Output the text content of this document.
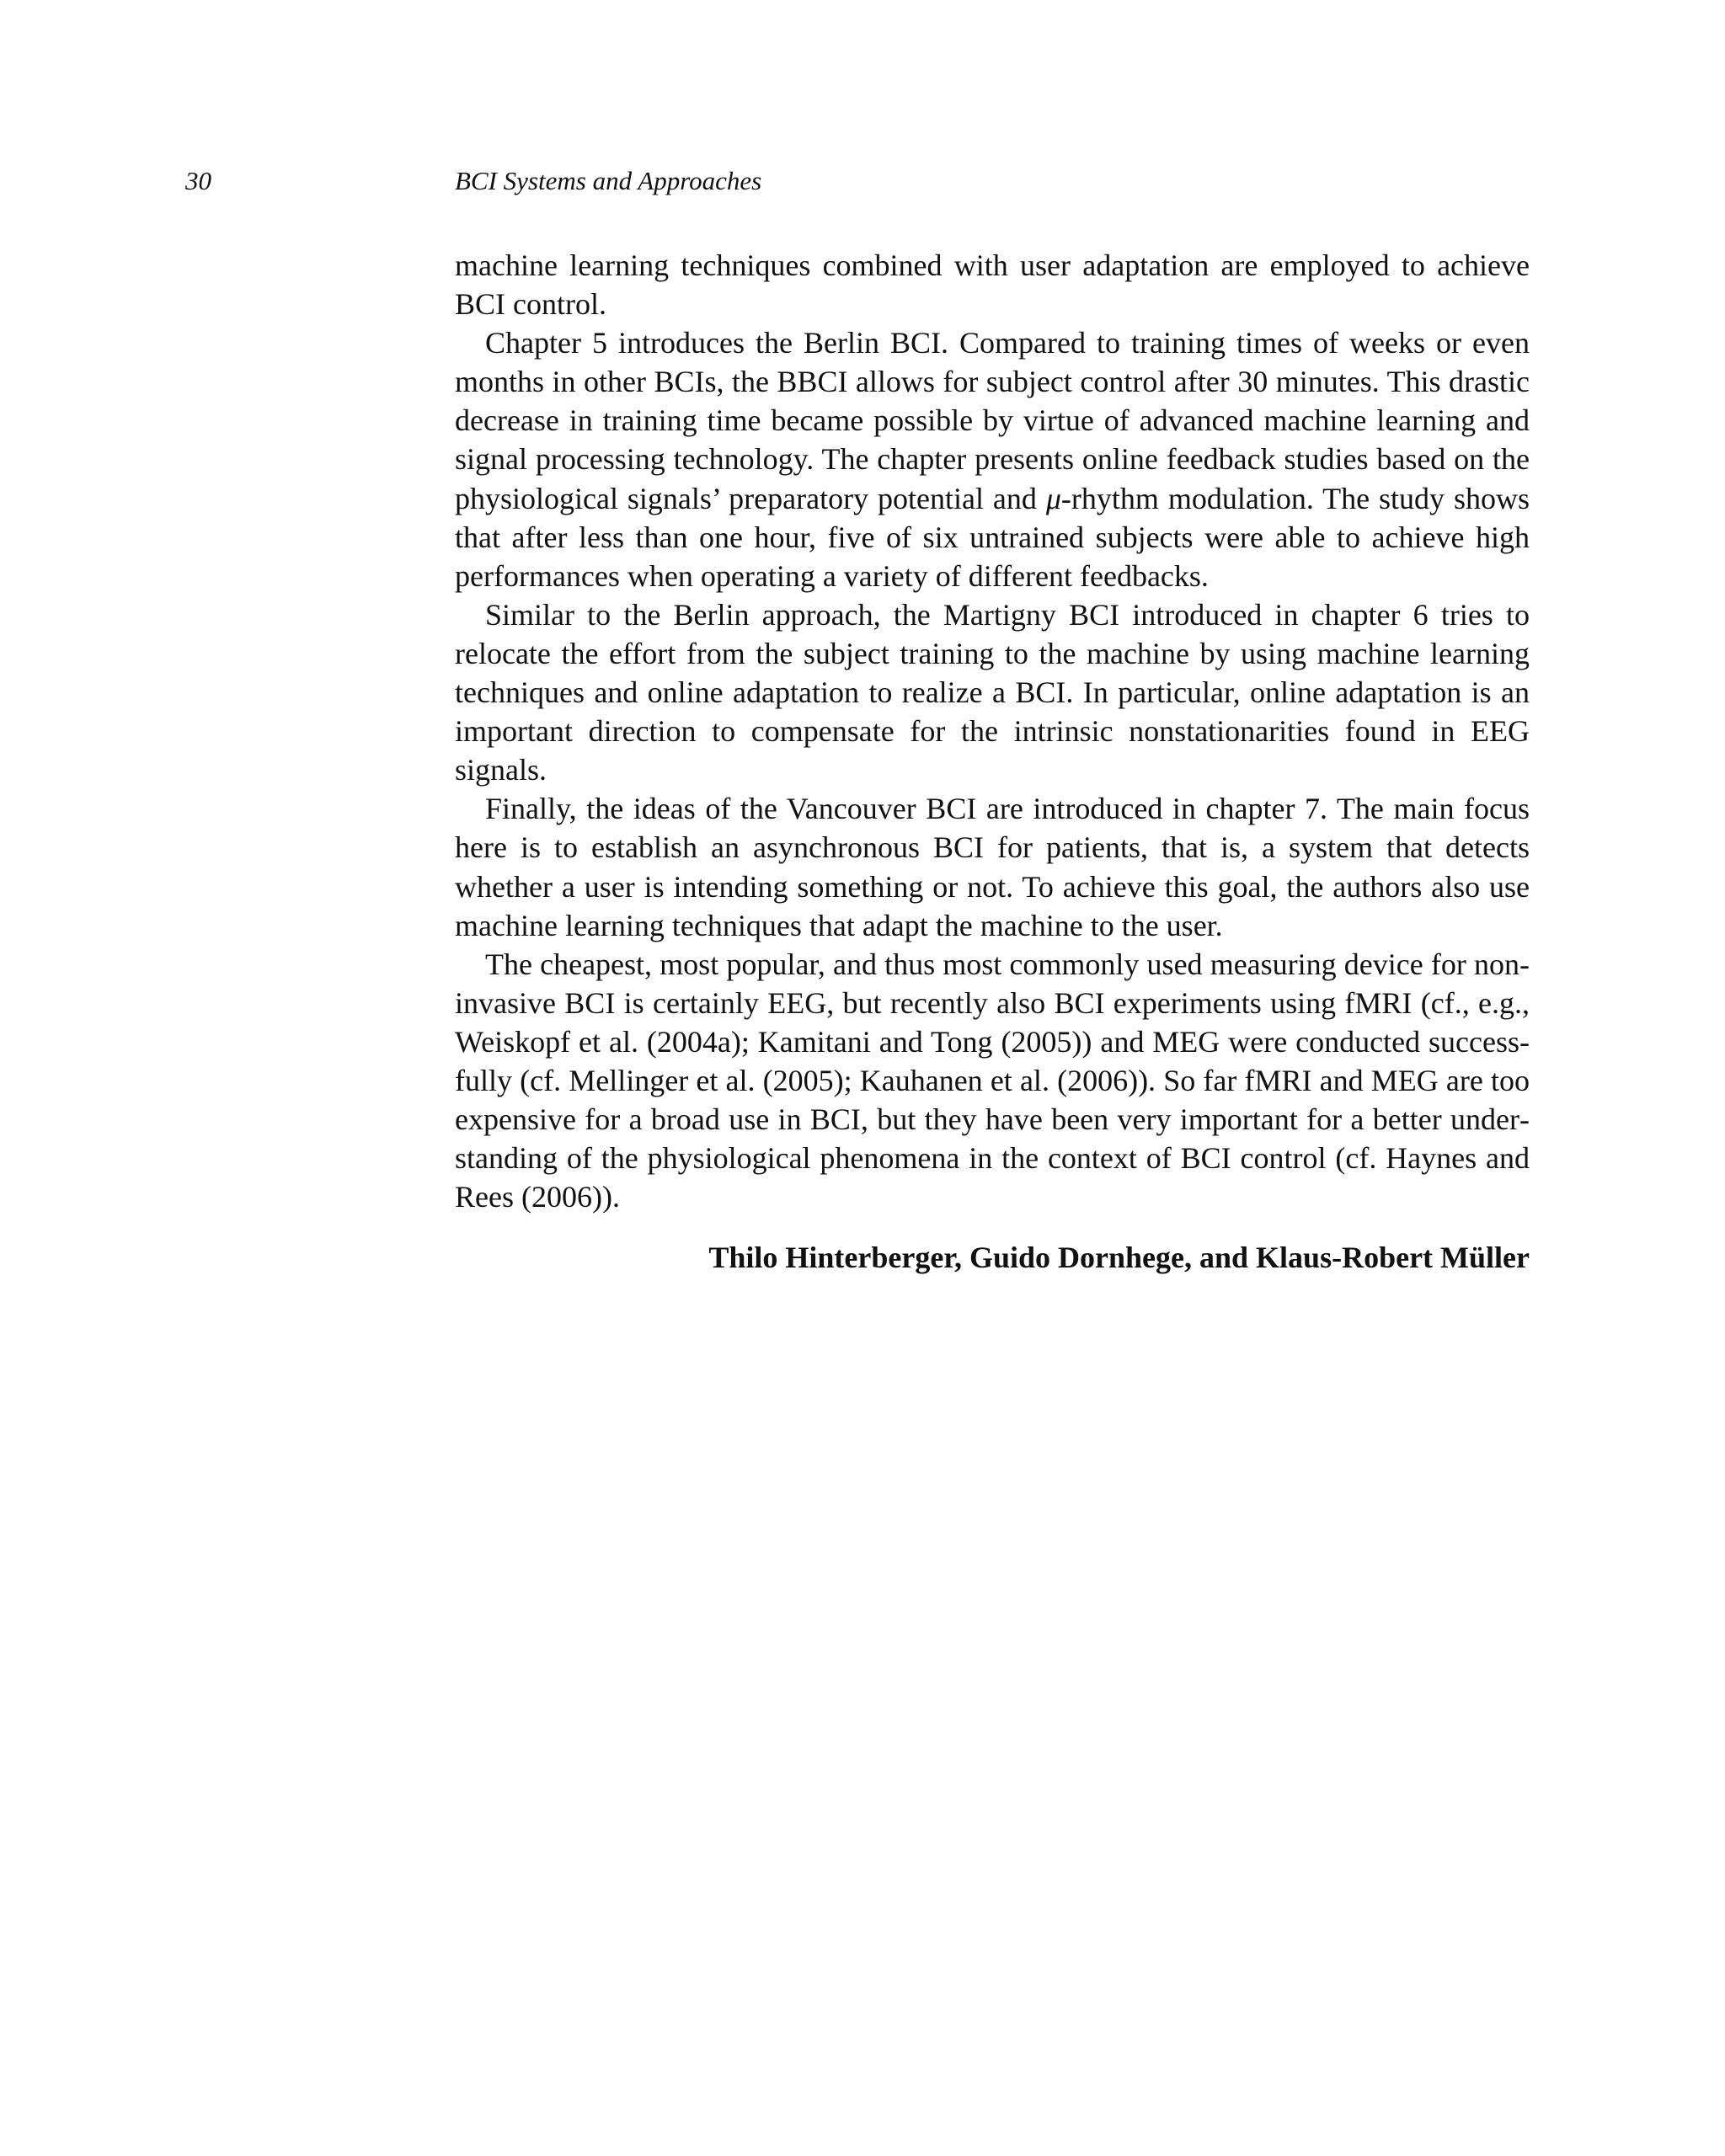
30	BCI Systems and Approaches

machine learning techniques combined with user adaptation are employed to achieve BCI control.

Chapter 5 introduces the Berlin BCI. Compared to training times of weeks or even months in other BCIs, the BBCI allows for subject control after 30 minutes. This drastic decrease in training time became possible by virtue of advanced machine learning and signal processing technology. The chapter presents online feedback studies based on the physiological signals’ preparatory potential and μ-rhythm modulation. The study shows that after less than one hour, five of six untrained subjects were able to achieve high performances when operating a variety of different feedbacks.

Similar to the Berlin approach, the Martigny BCI introduced in chapter 6 tries to relocate the effort from the subject training to the machine by using machine learning techniques and online adaptation to realize a BCI. In particular, online adaptation is an important direction to compensate for the intrinsic nonstationarities found in EEG signals.

Finally, the ideas of the Vancouver BCI are introduced in chapter 7. The main focus here is to establish an asynchronous BCI for patients, that is, a system that detects whether a user is intending something or not. To achieve this goal, the authors also use machine learning techniques that adapt the machine to the user.

The cheapest, most popular, and thus most commonly used measuring device for noninvasive BCI is certainly EEG, but recently also BCI experiments using fMRI (cf., e.g., Weiskopf et al. (2004a); Kamitani and Tong (2005)) and MEG were conducted successfully (cf. Mellinger et al. (2005); Kauhanen et al. (2006)). So far fMRI and MEG are too expensive for a broad use in BCI, but they have been very important for a better understanding of the physiological phenomena in the context of BCI control (cf. Haynes and Rees (2006)).

Thilo Hinterberger, Guido Dornhege, and Klaus-Robert Müller
